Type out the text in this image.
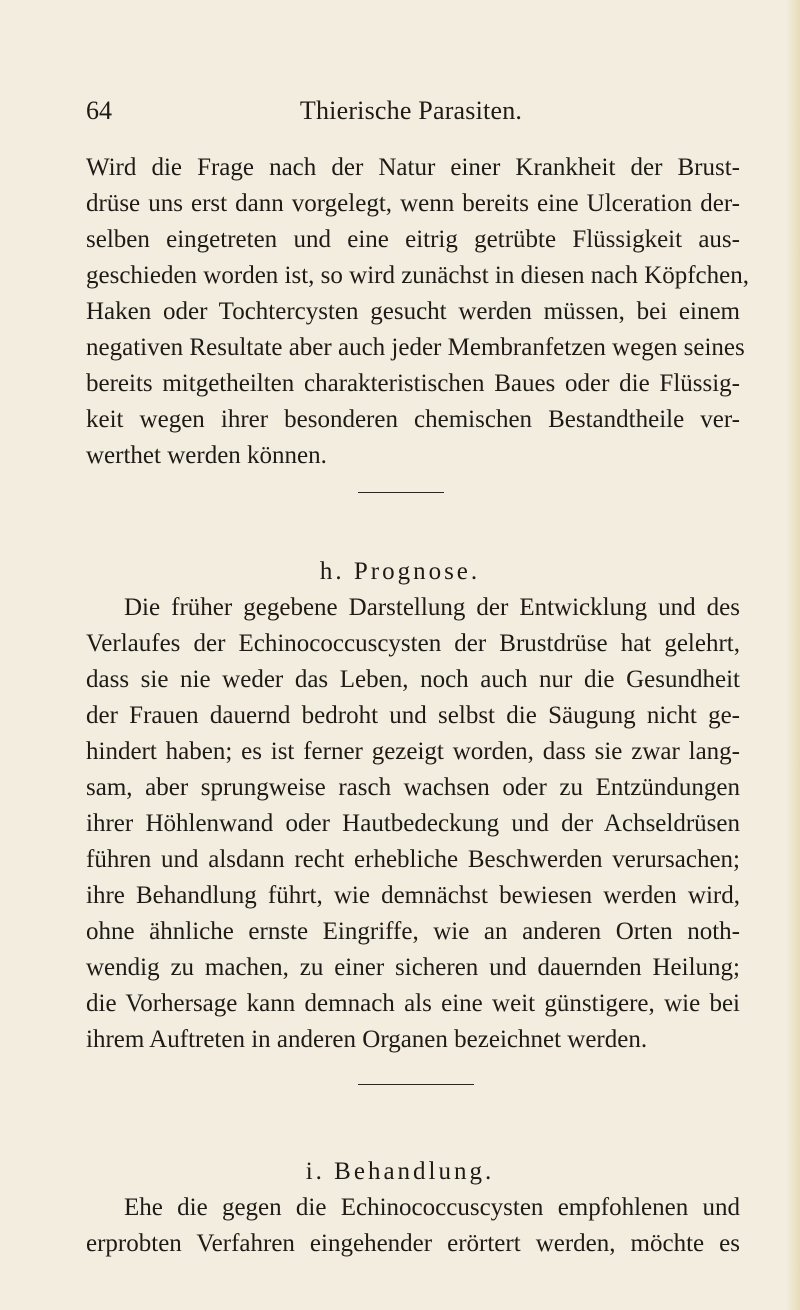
64	Thierische Parasiten.
Wird die Frage nach der Natur einer Krankheit der Brust-
drüse uns erst dann vorgelegt, wenn bereits eine Ulceration der-
selben eingetreten und eine eitrig getrübte Flüssigkeit aus-
geschieden worden ist, so wird zunächst in diesen nach Köpfchen,
Haken oder Tochtercysten gesucht werden müssen, bei einem
negativen Resultate aber auch jeder Membranfetzen wegen seines
bereits mitgetheilten charakteristischen Baues oder die Flüssig-
keit wegen ihrer besonderen chemischen Bestandtheile ver-
werthet werden können.
h. Prognose.
Die früher gegebene Darstellung der Entwicklung und des
Verlaufes der Echinococcuscysten der Brustdrüse hat gelehrt,
dass sie nie weder das Leben, noch auch nur die Gesundheit
der Frauen dauernd bedroht und selbst die Säugung nicht ge-
hindert haben; es ist ferner gezeigt worden, dass sie zwar lang-
sam, aber sprungweise rasch wachsen oder zu Entzündungen
ihrer Höhlenwand oder Hautbedeckung und der Achseldrüsen
führen und alsdann recht erhebliche Beschwerden verursachen;
ihre Behandlung führt, wie demnächst bewiesen werden wird,
ohne ähnliche ernste Eingriffe, wie an anderen Orten noth-
wendig zu machen, zu einer sicheren und dauernden Heilung;
die Vorhersage kann demnach als eine weit günstigere, wie bei
ihrem Auftreten in anderen Organen bezeichnet werden.
i. Behandlung.
Ehe die gegen die Echinococcuscysten empfohlenen und
erprobten Verfahren eingehender erörtert werden, möchte es
